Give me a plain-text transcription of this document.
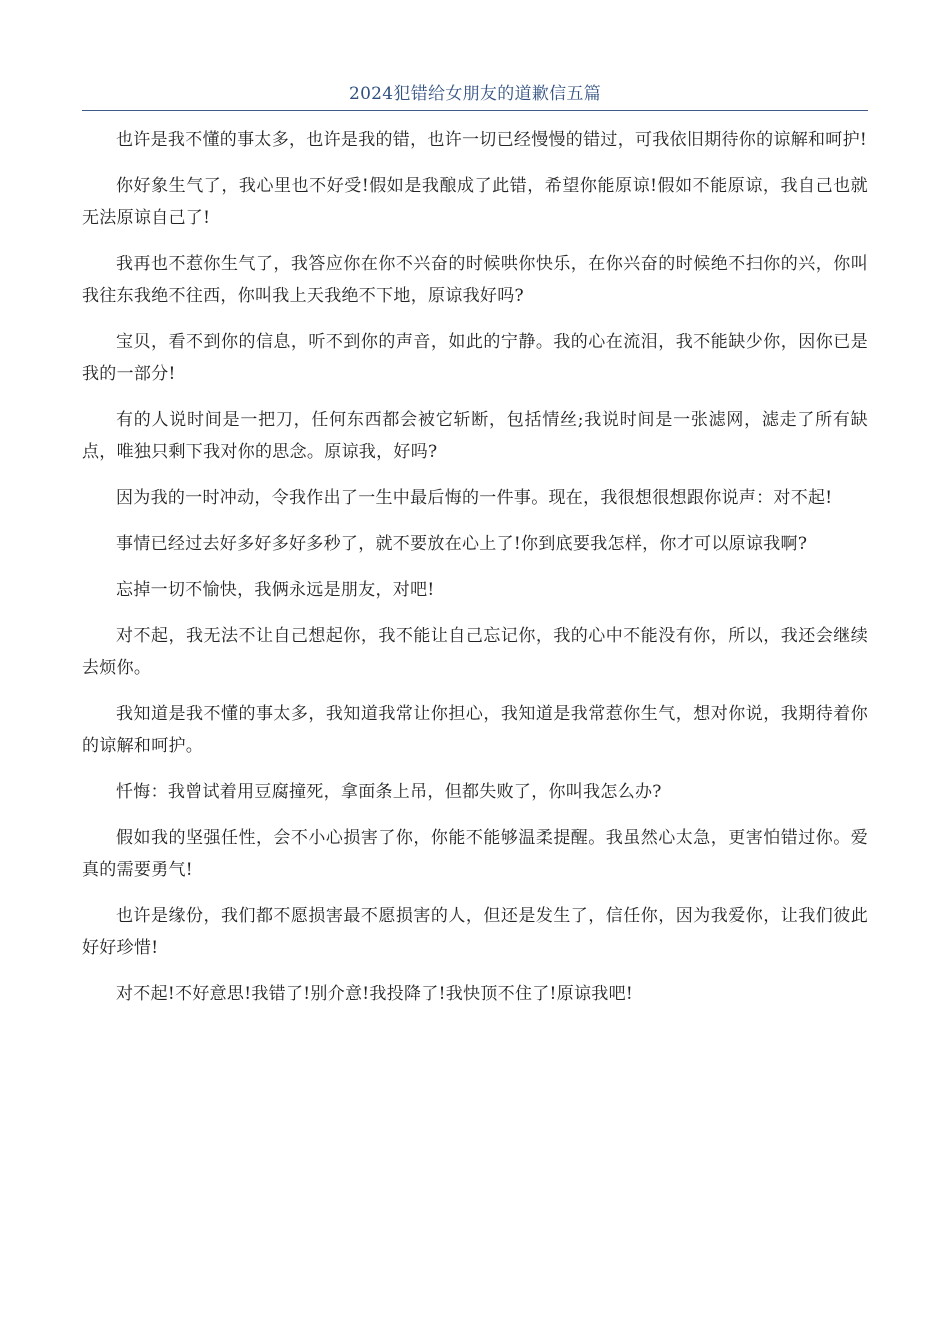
2024犯错给女朋友的道歉信五篇

也许是我不懂的事太多，也许是我的错，也许一切已经慢慢的错过，可我依旧期待你的谅解和呵护!

你好象生气了，我心里也不好受!假如是我酿成了此错，希望你能原谅!假如不能原谅，我自己也就无法原谅自己了!

我再也不惹你生气了，我答应你在你不兴奋的时候哄你快乐，在你兴奋的时候绝不扫你的兴，你叫我往东我绝不往西，你叫我上天我绝不下地，原谅我好吗?

宝贝，看不到你的信息，听不到你的声音，如此的宁静。我的心在流泪，我不能缺少你，因你已是我的一部分!

有的人说时间是一把刀，任何东西都会被它斩断，包括情丝;我说时间是一张滤网，滤走了所有缺点，唯独只剩下我对你的思念。原谅我，好吗?

因为我的一时冲动，令我作出了一生中最后悔的一件事。现在，我很想很想跟你说声：对不起!

事情已经过去好多好多好多秒了，就不要放在心上了!你到底要我怎样，你才可以原谅我啊?

忘掉一切不愉快，我俩永远是朋友，对吧!

对不起，我无法不让自己想起你，我不能让自己忘记你，我的心中不能没有你，所以，我还会继续去烦你。

我知道是我不懂的事太多，我知道我常让你担心，我知道是我常惹你生气，想对你说，我期待着你的谅解和呵护。

忏悔：我曾试着用豆腐撞死，拿面条上吊，但都失败了，你叫我怎么办?

假如我的坚强任性，会不小心损害了你，你能不能够温柔提醒。我虽然心太急，更害怕错过你。爱真的需要勇气!

也许是缘份，我们都不愿损害最不愿损害的人，但还是发生了，信任你，因为我爱你，让我们彼此好好珍惜!

对不起!不好意思!我错了!别介意!我投降了!我快顶不住了!原谅我吧!
